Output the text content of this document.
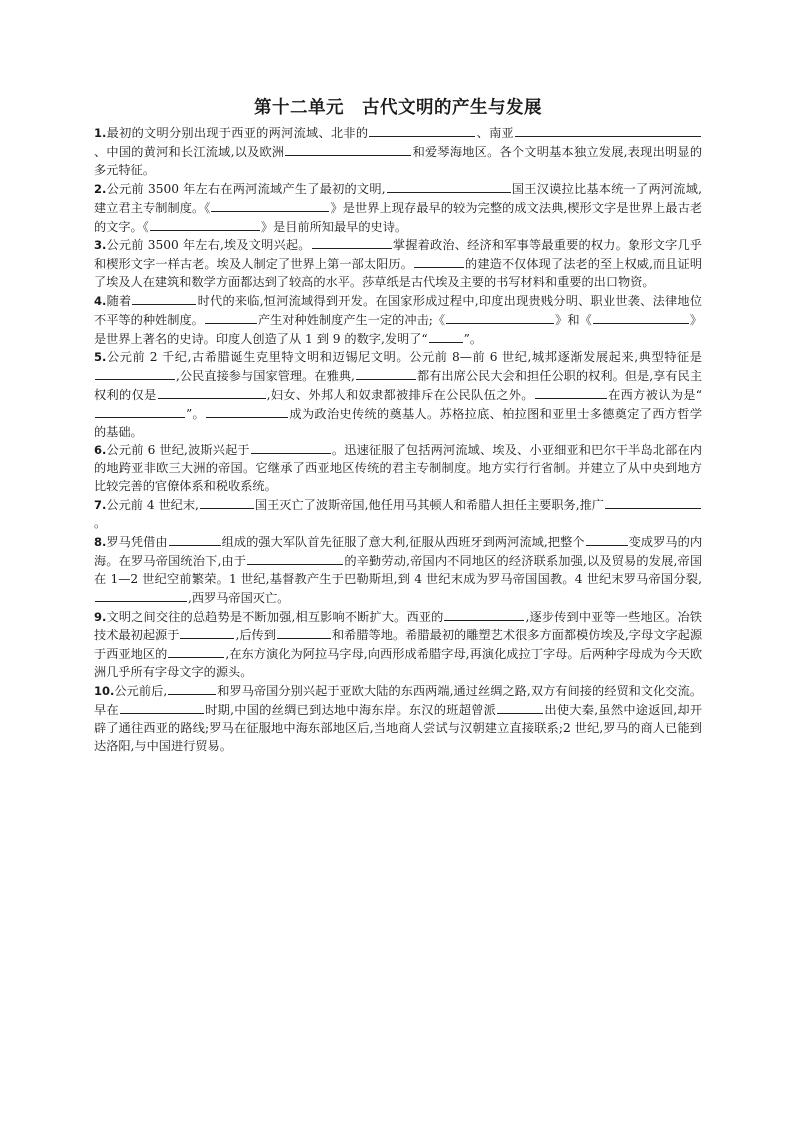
第十二单元　古代文明的产生与发展

1.最初的文明分别出现于西亚的两河流域、北非的	、南亚、中国的黄河和长江流域,以及欧洲	和爱琴海地区。各个文明基本独立发展,表现出明显的多元特征。

2.公元前 3500 年左右在两河流域产生了最初的文明,	国王汉谟拉比基本统一了两河流域,建立君主专制制度。《	》是世界上现存最早的较为完整的成文法典,楔形文字是世界上最古老的文字。《	》是目前所知最早的史诗。

3.公元前 3500 年左右,埃及文明兴起。	掌握着政治、经济和军事等最重要的权力。象形文字几乎和楔形文字一样古老。埃及人制定了世界上第一部太阳历。	的建造不仅体现了法老的至上权威,而且证明了埃及人在建筑和数学方面都达到了较高的水平。莎草纸是古代埃及主要的书写材料和重要的出口物资。

4.随着	时代的来临,恒河流域得到开发。在国家形成过程中,印度出现贵贱分明、职业世袭、法律地位不平等的种姓制度。	产生对种姓制度产生一定的冲击;《	》和《	》是世界上著名的史诗。印度人创造了从 1 到 9 的数字,发明了“	”。

5.公元前 2 千纪,古希腊诞生克里特文明和迈锡尼文明。公元前 8—前 6 世纪,城邦逐渐发展起来,典型特征是,公民直接参与国家管理。在雅典,	都有出席公民大会和担任公职的权利。但是,享有民主权利的仅是	,妇女、外邦人和奴隶都被排斥在公民队伍之外。	在西方被认为是“”。	成为政治史传统的奠基人。苏格拉底、柏拉图和亚里士多德奠定了西方哲学的基础。

6.公元前 6 世纪,波斯兴起于	。迅速征服了包括两河流域、埃及、小亚细亚和巴尔干半岛北部在内的地跨亚非欧三大洲的帝国。它继承了西亚地区传统的君主专制制度。地方实行行省制。并建立了从中央到地方比较完善的官僚体系和税收系统。

7.公元前 4 世纪末,	国王灭亡了波斯帝国,他任用马其顿人和希腊人担任主要职务,推广。

8.罗马凭借由	组成的强大军队首先征服了意大利,征服从西班牙到两河流域,把整个	变成罗马的内海。在罗马帝国统治下,由于	的辛勤劳动,帝国内不同地区的经济联系加强,以及贸易的发展,帝国在 1—2 世纪空前繁荣。1 世纪,基督教产生于巴勒斯坦,到 4 世纪末成为罗马帝国国教。4 世纪末罗马帝国分裂,,西罗马帝国灭亡。

9.文明之间交往的总趋势是不断加强,相互影响不断扩大。西亚的	,逐步传到中亚等一些地区。冶铁技术最初起源于	,后传到	和希腊等地。希腊最初的雕塑艺术很多方面都模仿埃及,字母文字起源于西亚地区的	,在东方演化为阿拉马字母,向西形成希腊字母,再演化成拉丁字母。后两种字母成为今天欧洲几乎所有字母文字的源头。

10.公元前后,	和罗马帝国分别兴起于亚欧大陆的东西两端,通过丝绸之路,双方有间接的经贸和文化交流。早在	时期,中国的丝绸已到达地中海东岸。东汉的班超曾派	出使大秦,虽然中途返回,却开辟了通往西亚的路线;罗马在征服地中海东部地区后,当地商人尝试与汉朝建立直接联系;2 世纪,罗马的商人已能到达洛阳,与中国进行贸易。
